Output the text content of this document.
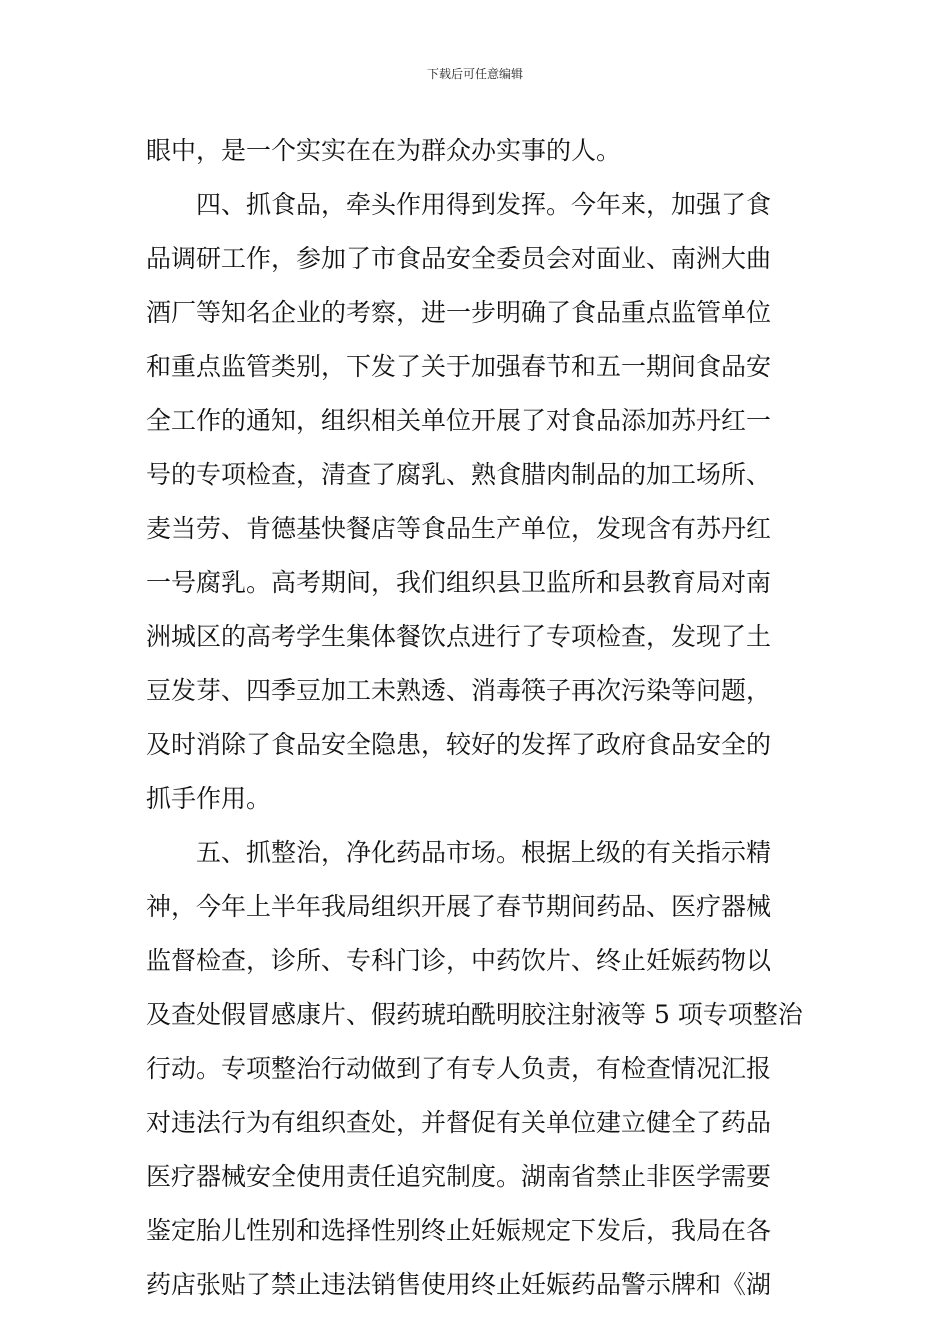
下载后可任意编辑
眼中，是一个实实在在为群众办实事的人。
　　四、抓食品，牵头作用得到发挥。今年来，加强了食
品调研工作，参加了市食品安全委员会对面业、南洲大曲
酒厂等知名企业的考察，进一步明确了食品重点监管单位
和重点监管类别，下发了关于加强春节和五一期间食品安
全工作的通知，组织相关单位开展了对食品添加苏丹红一
号的专项检查，清查了腐乳、熟食腊肉制品的加工场所、
麦当劳、肯德基快餐店等食品生产单位，发现含有苏丹红
一号腐乳。高考期间，我们组织县卫监所和县教育局对南
洲城区的高考学生集体餐饮点进行了专项检查，发现了土
豆发芽、四季豆加工未熟透、消毒筷子再次污染等问题，
及时消除了食品安全隐患，较好的发挥了政府食品安全的
抓手作用。
　　五、抓整治，净化药品市场。根据上级的有关指示精
神，今年上半年我局组织开展了春节期间药品、医疗器械
监督检查，诊所、专科门诊，中药饮片、终止妊娠药物以
及查处假冒感康片、假药琥珀酰明胶注射液等 5 项专项整治
行动。专项整治行动做到了有专人负责，有检查情况汇报
对违法行为有组织查处，并督促有关单位建立健全了药品
医疗器械安全使用责任追究制度。湖南省禁止非医学需要
鉴定胎儿性别和选择性别终止妊娠规定下发后，我局在各
药店张贴了禁止违法销售使用终止妊娠药品警示牌和《湖
